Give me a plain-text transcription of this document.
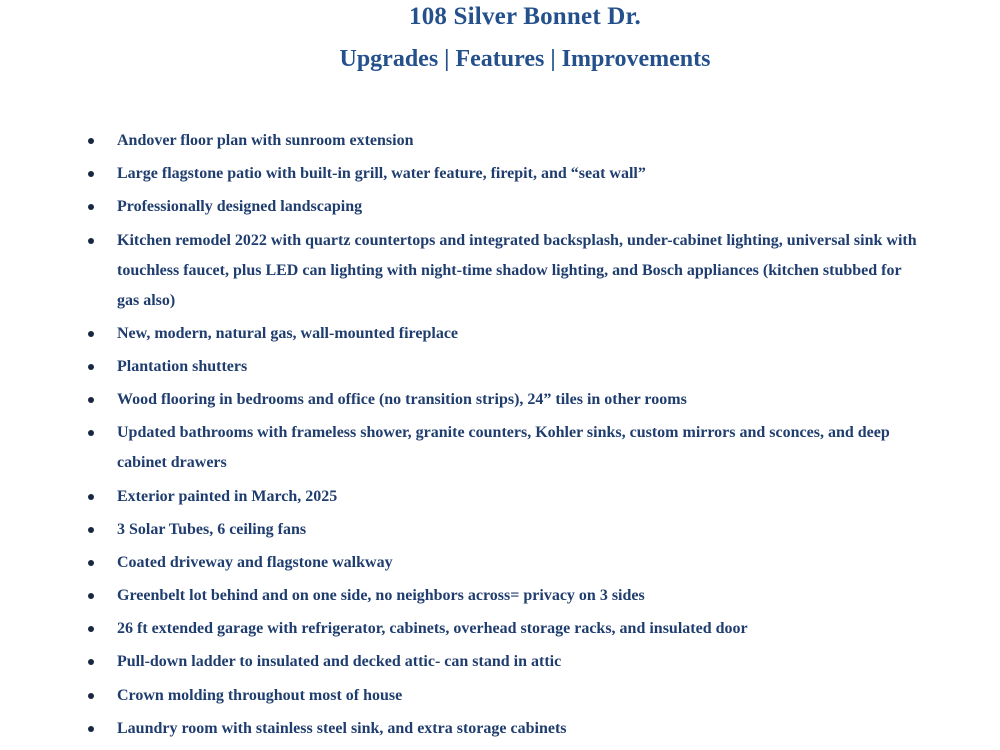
108 Silver Bonnet Dr.
Upgrades | Features | Improvements
Andover floor plan with sunroom extension
Large flagstone patio with built-in grill, water feature, firepit, and “seat wall”
Professionally designed landscaping
Kitchen remodel 2022 with quartz countertops and integrated backsplash, under-cabinet lighting, universal sink with touchless faucet, plus LED can lighting with night-time shadow lighting, and Bosch appliances (kitchen stubbed for gas also)
New, modern, natural gas, wall-mounted fireplace
Plantation shutters
Wood flooring in bedrooms and office (no transition strips), 24” tiles in other rooms
Updated bathrooms with frameless shower, granite counters, Kohler sinks, custom mirrors and sconces, and deep cabinet drawers
Exterior painted in March, 2025
3 Solar Tubes, 6 ceiling fans
Coated driveway and flagstone walkway
Greenbelt lot behind and on one side, no neighbors across= privacy on 3 sides
26 ft extended garage with refrigerator, cabinets, overhead storage racks, and insulated door
Pull-down ladder to insulated and decked attic- can stand in attic
Crown molding throughout most of house
Laundry room with stainless steel sink, and extra storage cabinets
